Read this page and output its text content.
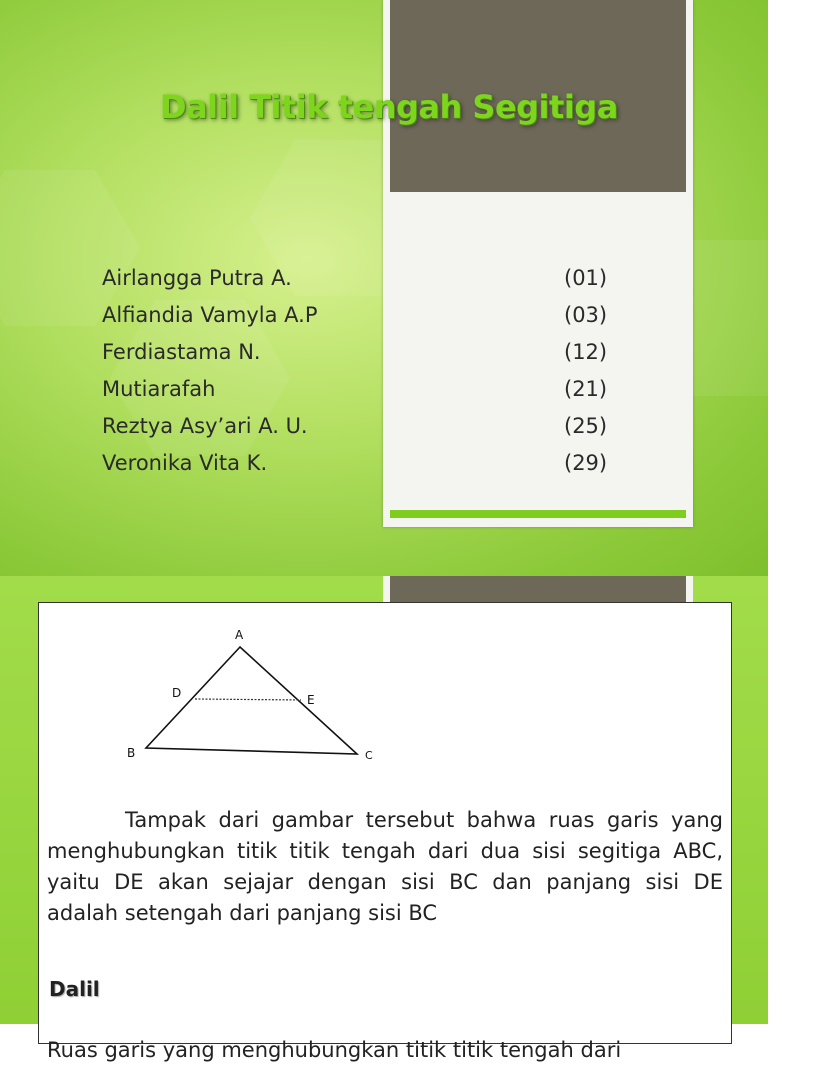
Dalil Titik tengah Segitiga
Airlangga Putra A.	(01)
Alfiandia Vamyla A.P	(03)
Ferdiastama N.	(12)
Mutiarafah	(21)
Reztya Asy’ari A. U.	(25)
Veronika Vita K.	(29)
A
D	E
B	C

Tampak dari gambar tersebut bahwa ruas garis yang menghubungkan titik titik tengah dari dua sisi segitiga ABC, yaitu DE akan sejajar dengan sisi BC dan panjang sisi DE adalah setengah dari panjang sisi BC

Dalil

Ruas garis yang menghubungkan titik titik tengah dari
